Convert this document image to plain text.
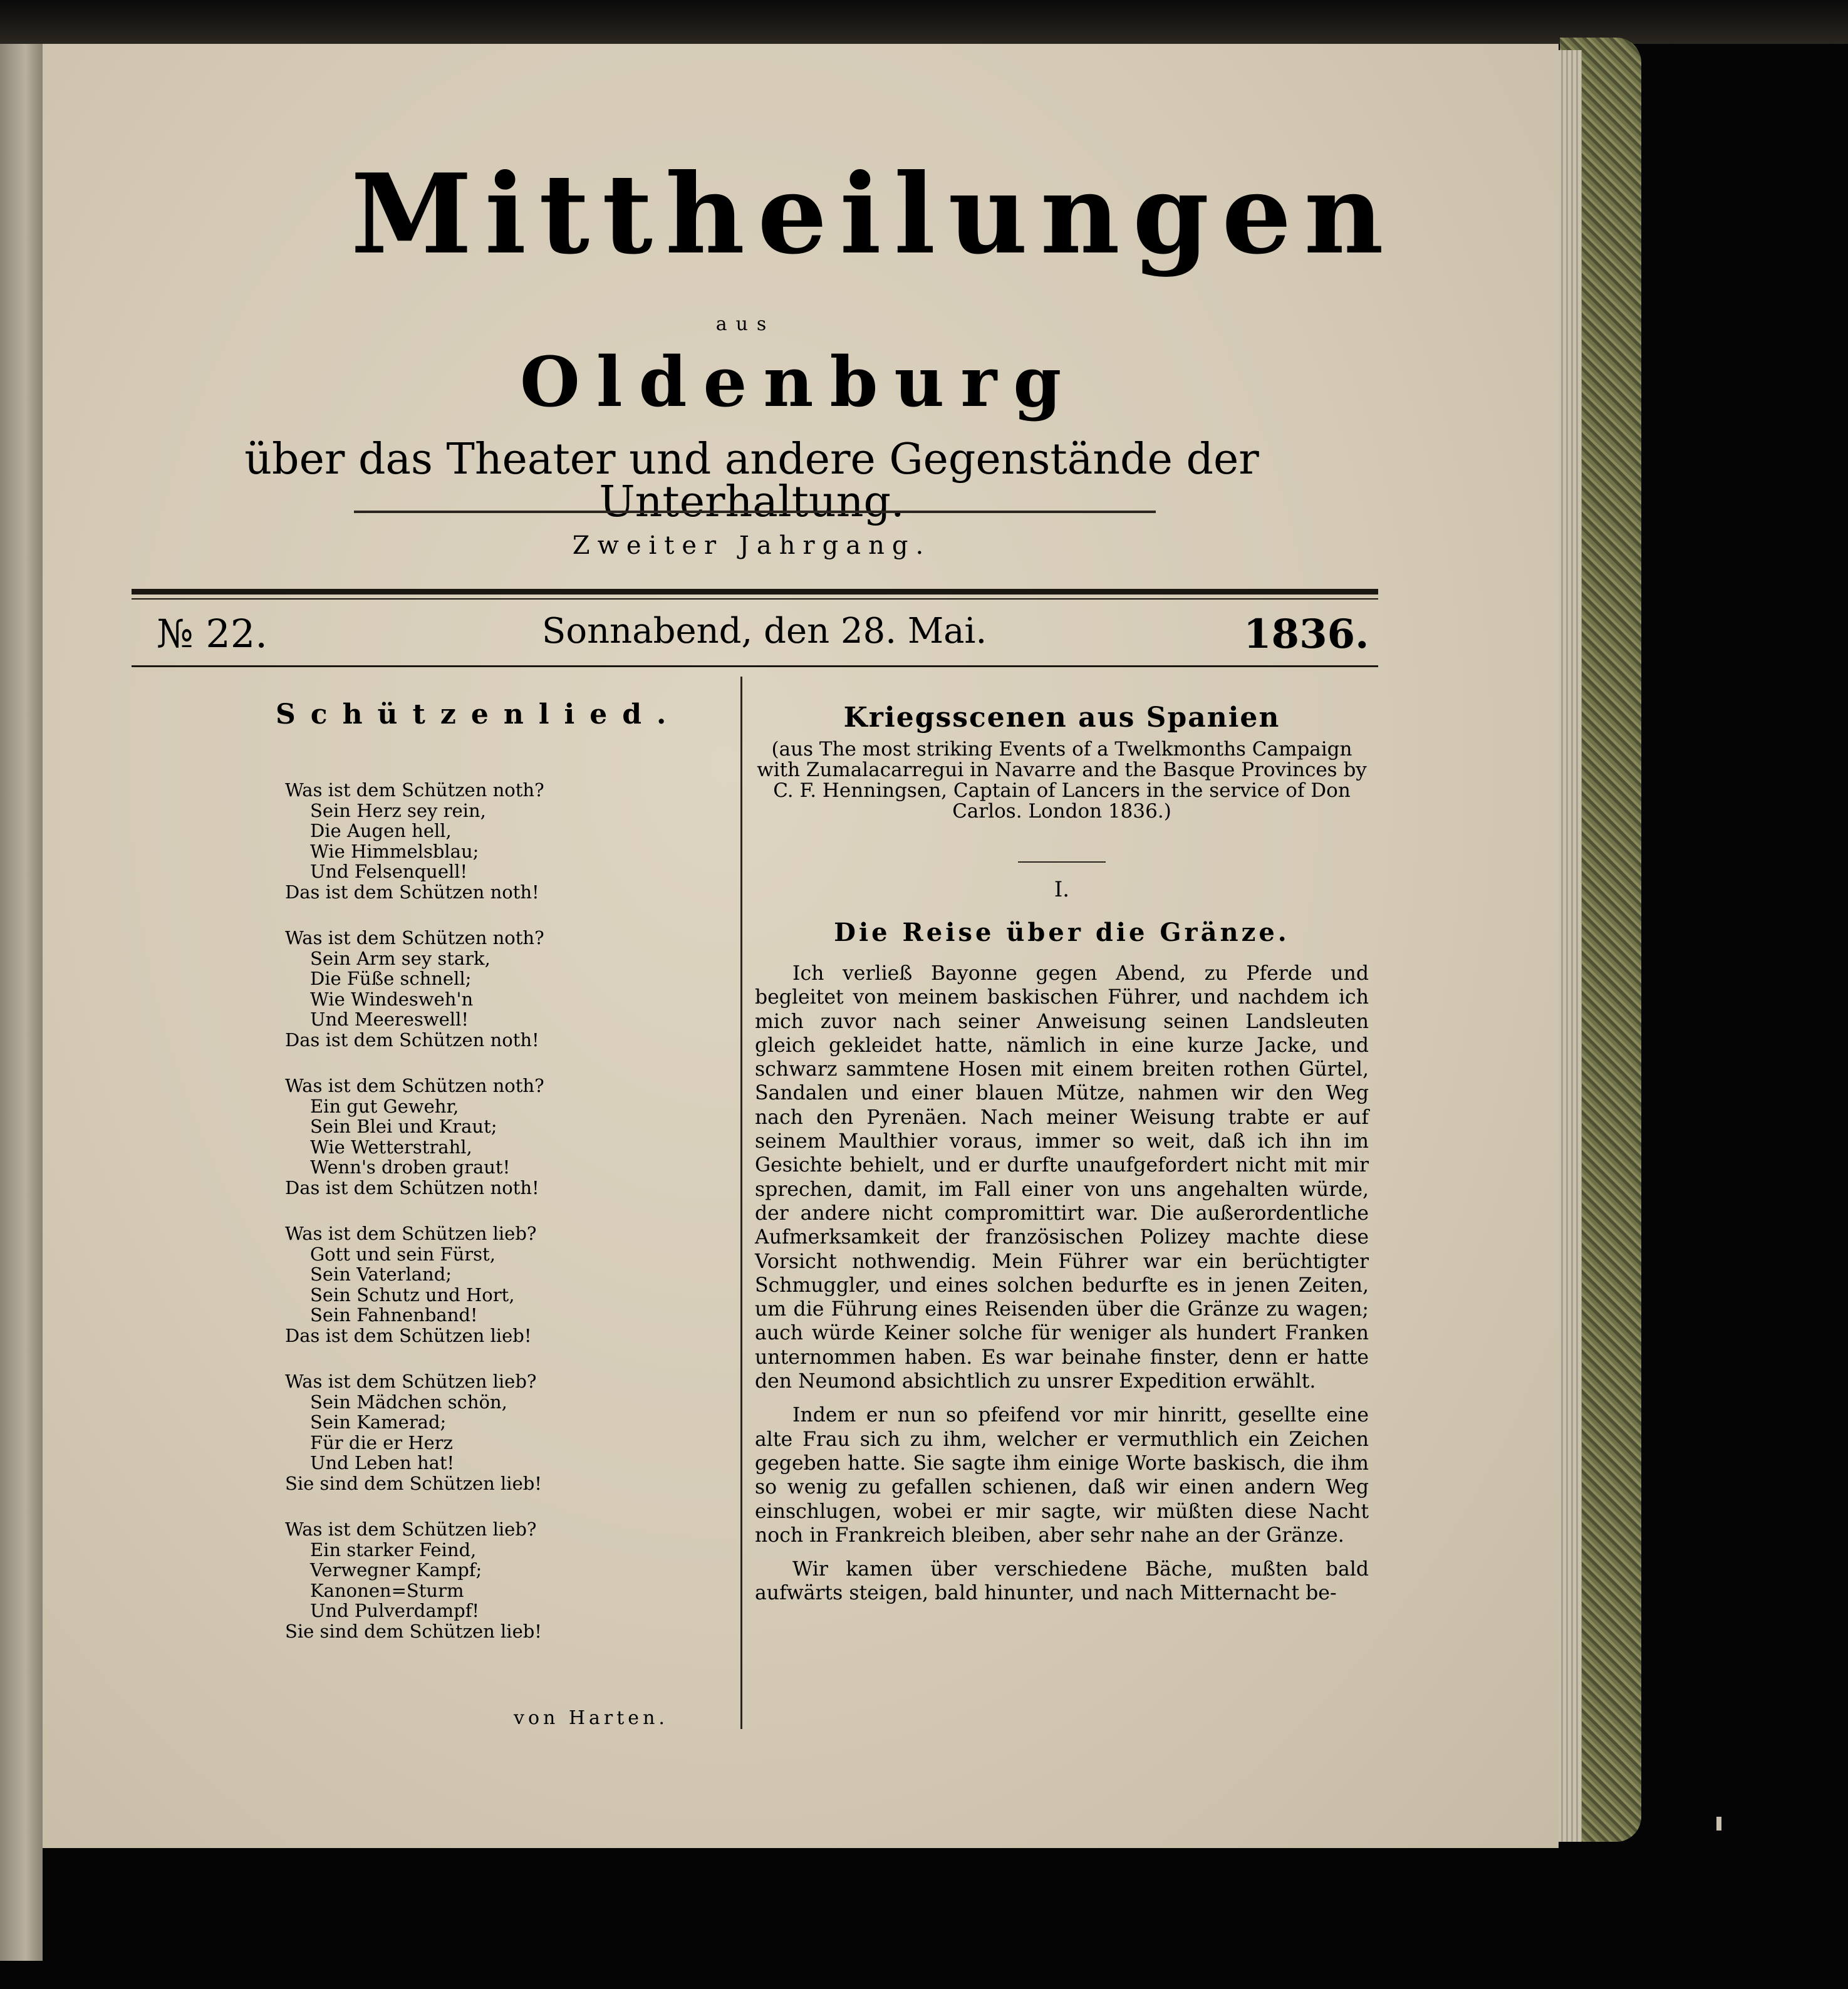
Mittheilungen
aus
Oldenburg
über das Theater und andere Gegenstände der Unterhaltung.
Zweiter Jahrgang.
№ 22.	Sonnabend, den 28. Mai.	1836.
Schützenlied.
Was ist dem Schützen noth?
Sein Herz sey rein,
Die Augen hell,
Wie Himmelsblau;
Und Felsenquell!
Das ist dem Schützen noth!
Was ist dem Schützen noth?
Sein Arm sey stark,
Die Füße schnell;
Wie Windesweh'n
Und Meereswell!
Das ist dem Schützen noth!
Was ist dem Schützen noth?
Ein gut Gewehr,
Sein Blei und Kraut;
Wie Wetterstrahl,
Wenn's droben graut!
Das ist dem Schützen noth!
Was ist dem Schützen lieb?
Gott und sein Fürst,
Sein Vaterland;
Sein Schutz und Hort,
Sein Fahnenband!
Das ist dem Schützen lieb!
Was ist dem Schützen lieb?
Sein Mädchen schön,
Sein Kamerad;
Für die er Herz
Und Leben hat!
Sie sind dem Schützen lieb!
Was ist dem Schützen lieb?
Ein starker Feind,
Verwegner Kampf;
Kanonen=Sturm
Und Pulverdampf!
Sie sind dem Schützen lieb!
von Harten.
Kriegsscenen aus Spanien
(aus The most striking Events of a Twelkmonths Campaign with Zumalacarregui in Navarre and the Basque Provinces by C. F. Henningsen, Captain of Lancers in the service of Don Carlos. London 1836.)
I.
Die Reise über die Gränze.

Ich verließ Bayonne gegen Abend, zu Pferde und begleitet von meinem baskischen Führer, und nachdem ich mich zuvor nach seiner Anweisung seinen Landsleuten gleich gekleidet hatte, nämlich in eine kurze Jacke, und schwarz sammtene Hosen mit einem breiten rothen Gürtel, Sandalen und einer blauen Mütze, nahmen wir den Weg nach den Pyrenäen. Nach meiner Weisung trabte er auf seinem Maulthier voraus, immer so weit, daß ich ihn im Gesichte behielt, und er durfte unaufgefordert nicht mit mir sprechen, damit, im Fall einer von uns angehalten würde, der andere nicht compromittirt war. Die außerordentliche Aufmerksamkeit der französischen Polizey machte diese Vorsicht nothwendig. Mein Führer war ein berüchtigter Schmuggler, und eines solchen bedurfte es in jenen Zeiten, um die Führung eines Reisenden über die Gränze zu wagen; auch würde Keiner solche für weniger als hundert Franken unternommen haben. Es war beinahe finster, denn er hatte den Neumond absichtlich zu unsrer Expedition erwählt.

Indem er nun so pfeifend vor mir hinritt, gesellte eine alte Frau sich zu ihm, welcher er vermuthlich ein Zeichen gegeben hatte. Sie sagte ihm einige Worte baskisch, die ihm so wenig zu gefallen schienen, daß wir einen andern Weg einschlugen, wobei er mir sagte, wir müßten diese Nacht noch in Frankreich bleiben, aber sehr nahe an der Gränze.

Wir kamen über verschiedene Bäche, mußten bald aufwärts steigen, bald hinunter, und nach Mitternacht be-
